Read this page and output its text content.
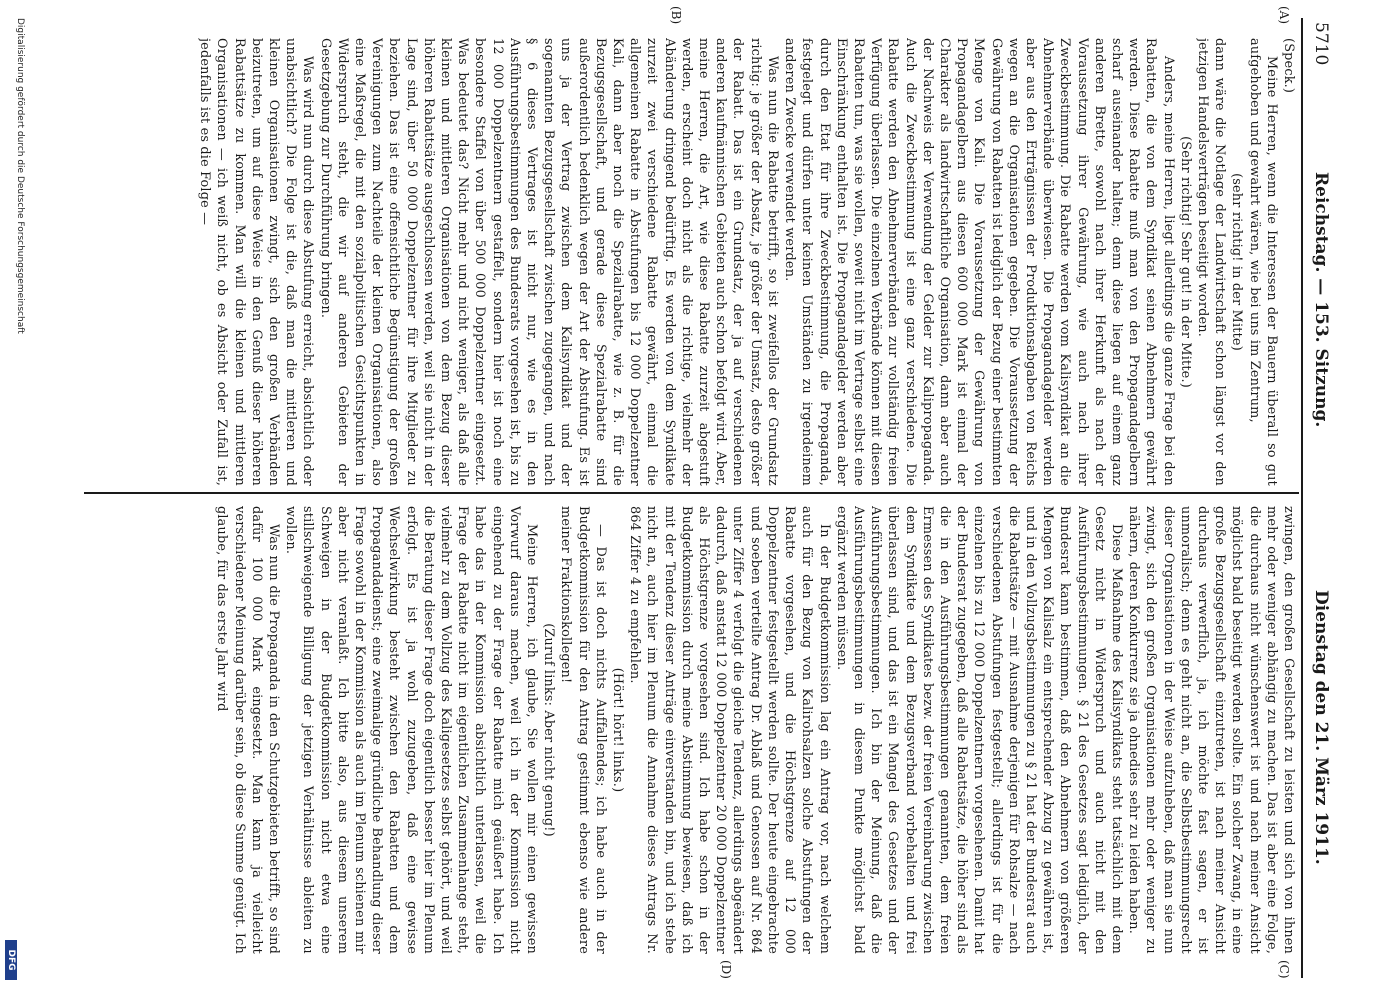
5710
Reichstag. — 153. Sitzung.
Dienstag den 21. März 1911.
(A)
(B)
(C)
(D)

(Speck.)

Meine Herren, wenn die Interessen der Bauern überall so gut aufgehoben und gewahrt wären, wie bei uns im Zentrum,

(sehr richtig! in der Mitte)

dann wäre die Notlage der Landwirtschaft schon längst vor den jetzigen Handelsverträgen beseitigt worden.

(Sehr richtig! Sehr gut! in der Mitte.)

Anders, meine Herren, liegt allerdings die ganze Frage bei den Rabatten, die von dem Syndikat seinen Abnehmern gewährt werden. Diese Rabatte muß man von den Propagandagelbern scharf auseinander halten; denn diese liegen auf einem ganz anderen Brette, sowohl nach ihrer Herkunft als nach der Voraussetzung ihrer Gewährung, wie auch nach ihrer Zweckbestimmung. Die Rabatte werden vom Kalisyndikat an die Abnehmerverbände überwiesen. Die Propagandagelder werden aber aus den Erträgnissen der Produktionsabgaben von Reichs wegen an die Organisationen gegeben. Die Voraussetzung der Gewährung von Rabatten ist lediglich der Bezug einer bestimmten Menge von Kali. Die Voraussetzung der Gewährung von Propagandagelbern aus diesen 600 000 Mark ist einmal der Charakter als landwirtschaftliche Organisation, dann aber auch der Nachweis der Verwendung der Gelder zur Kalipropaganda. Auch die Zweckbestimmung ist eine ganz verschiedene. Die Rabatte werden den Abnehmerverbänden zur vollständig freien Verfügung überlassen. Die einzelnen Verbände können mit diesen Rabatten tun, was sie wollen, soweit nicht im Vertrage selbst eine Einschränkung enthalten ist. Die Propagandagelder werden aber durch den Etat für ihre Zweckbestimmung, die Propaganda, festgelegt und dürfen unter keinen Umständen zu irgendeinem anderen Zwecke verwendet werden.

Was nun die Rabatte betrifft, so ist zweifellos der Grundsatz richtig: je größer der Absatz, je größer der Umsatz, desto größer der Rabatt. Das ist ein Grundsatz, der ja auf verschiedenen anderen kaufmännischen Gebieten auch schon befolgt wird. Aber, meine Herren, die Art, wie diese Rabatte zurzeit abgestuft werden, erscheint doch nicht als die richtige, vielmehr der Abänderung dringend bedürftig. Es werden von dem Syndikate zurzeit zwei verschiedene Rabatte gewährt, einmal die allgemeinen Rabatte in Abstufungen bis 12 000 Doppelzentner Kali, dann aber noch die Spezialrabatte, wie z. B. für die Bezugsgesellschaft, und gerade diese Spezialrabatte sind außerordentlich bedenklich wegen der Art der Abstufung. Es ist uns ja der Vertrag zwischen dem Kalisyndikat und der sogenannten Bezugsgesellschaft zwischen zugegangen, und nach § 6 dieses Vertrages ist nicht nur, wie es in den Ausführungsbestimmungen des Bundesrats vorgesehen ist, bis zu 12 000 Doppelzentnern gestaffelt, sondern hier ist noch eine besondere Staffel von über 500 000 Doppelzentner eingesetzt. Was bedeutet das? Nicht mehr und nicht weniger, als daß alle kleinen und mittleren Organisationen von dem Bezug dieser höheren Rabattsätze ausgeschlossen werden, weil sie nicht in der Lage sind, über 50 000 Doppelzentner für ihre Mitglieder zu beziehen. Das ist eine offensichtliche Begünstigung der großen Vereinigungen zum Nachteile der kleinen Organisationen, also eine Maßregel, die mit den sozialpolitischen Gesichtspunkten in Widerspruch steht, die wir auf anderen Gebieten der Gesetzgebung zur Durchführung bringen.

Was wird nun durch diese Abstufung erreicht, absichtlich oder unabsichtlich? Die Folge ist die, daß man die mittleren und kleinen Organisationen zwingt, sich den großen Verbänden beizutreten, um auf diese Weise in den Genuß dieser höheren Rabattsätze zu kommen. Man will die kleinen und mittleren Organisationen — ich weiß nicht, ob es Absicht oder Zufall ist, jedenfalls ist es die Folge —

zwingen, den großen Gesellschaft zu leisten und sich von ihnen mehr oder weniger abhängig zu machen. Das ist aber eine Folge, die durchaus nicht wünschenswert ist und nach meiner Ansicht möglichst bald beseitigt werden sollte. Ein solcher Zwang, in eine große Bezugsgesellschaft einzutreten, ist nach meiner Ansicht durchaus verwerflich, ja, ich möchte fast sagen, er ist unmoralisch; denn es geht nicht an, die Selbstbestimmungsrecht dieser Organisationen in der Weise aufzuheben, daß man sie nun zwingt, sich den großen Organisationen mehr oder weniger zu nähern, deren Konkurrenz sie ja ohnedies sehr zu leiden haben.

Diese Maßnahme des Kalisyndikats steht tatsächlich mit dem Gesetz nicht in Widerspruch und auch nicht mit den Ausführungsbestimmungen. § 21 des Gesetzes sagt lediglich, der Bundesrat kann bestimmen, daß den Abnehmern von größeren Mengen von Kalisalz ein entsprechender Abzug zu gewähren ist, und in den Vollzugsbestimmungen zu § 21 hat der Bundesrat auch die Rabattsätze — mit Ausnahme derjenigen für Rohsalze — nach verschiedenen Abstufungen festgestellt; allerdings ist für die einzelnen bis zu 12 000 Doppelzentnern vorgesehenen. Damit hat der Bundesrat zugegeben, daß alle Rabattsätze, die höher sind als die in den Ausführungsbestimmungen genannten, dem freien Ermessen des Syndikates bezw. der freien Vereinbarung zwischen dem Syndikate und dem Bezugsverband vorbehalten und frei überlassen sind, und das ist ein Mangel des Gesetzes und der Ausführungsbestimmungen. Ich bin der Meinung, daß die Ausführungsbestimmungen in diesem Punkte möglichst bald ergänzt werden müssen.

In der Budgetkommission lag ein Antrag vor, nach welchem auch für den Bezug von Kalirohsalzen solche Abstufungen der Rabatte vorgesehen, und die Höchstgrenze auf 12 000 Doppelzentner festgestellt werden sollte. Der heute eingebrachte und soeben verteilte Antrag Dr. Ablaß und Genossen auf Nr. 864 unter Ziffer 4 verfolgt die gleiche Tendenz, allerdings abgeändert dadurch, daß anstatt 12 000 Doppelzentner 20 000 Doppelzentner als Höchstgrenze vorgesehen sind. Ich habe schon in der Budgetkommission durch meine Abstimmung bewiesen, daß ich mit der Tendenz dieser Anträge einverstanden bin, und ich stehe nicht an, auch hier im Plenum die Annahme dieses Antrags Nr. 864 Ziffer 4 zu empfehlen.

(Hört! hört! links.)

— Das ist doch nichts Auffallendes; ich habe auch in der Budgetkommission für den Antrag gestimmt ebenso wie andere meiner Fraktionskollegen!

(Zuruf links: Aber nicht genug!)

Meine Herren, ich glaube, Sie wollen mir einen gewissen Vorwurf daraus machen, weil ich in der Kommission nicht eingehend zu der Frage der Rabatte mich geäußert habe. Ich habe das in der Kommission absichtlich unterlassen, weil die Frage der Rabatte nicht im eigentlichen Zusammenhange steht, vielmehr zu dem Vollzug des Kaligesetzes selbst gehört, und weil die Beratung dieser Frage doch eigentlich besser hier im Plenum erfolgt. Es ist ja wohl zuzugeben, daß eine gewisse Wechselwirkung besteht zwischen den Rabatten und dem Propagandadienst; eine zweimalige gründliche Behandlung dieser Frage sowohl in der Kommission als auch im Plenum schienen mir aber nicht veranlaßt. Ich bitte also, aus diesem unserem Schweigen in der Budgetkommission nicht etwa eine stillschweigende Billigung der jetzigen Verhältnisse ableiten zu wollen.

Was nun die Propaganda in den Schutzgebieten betrifft, so sind dafür 100 000 Mark eingesetzt. Man kann ja vielleicht verschiedener Meinung darüber sein, ob diese Summe genügt. Ich glaube, für das erste Jahr wird

Digitalisierung gefördert durch die Deutsche Forschungsgemeinschaft
DFG
